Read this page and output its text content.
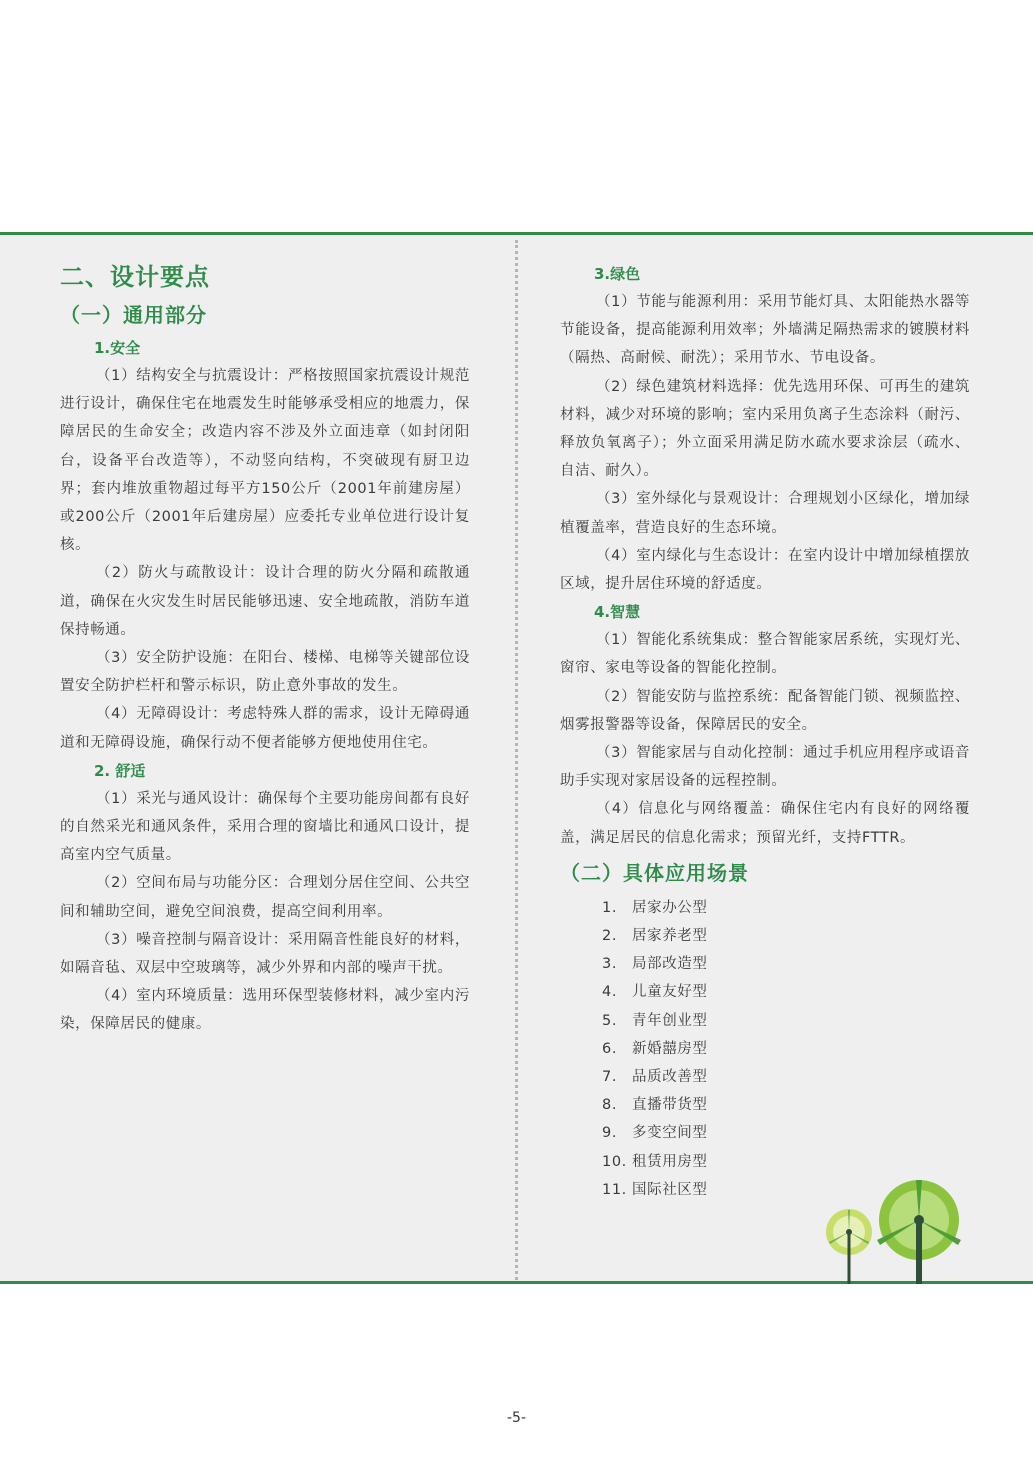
二、设计要点
（一）通用部分
1.安全

（1）结构安全与抗震设计：严格按照国家抗震设计规范进行设计，确保住宅在地震发生时能够承受相应的地震力，保障居民的生命安全；改造内容不涉及外立面违章（如封闭阳台，设备平台改造等），不动竖向结构，不突破现有厨卫边界；套内堆放重物超过每平方150公斤（2001年前建房屋）或200公斤（2001年后建房屋）应委托专业单位进行设计复核。

（2）防火与疏散设计：设计合理的防火分隔和疏散通道，确保在火灾发生时居民能够迅速、安全地疏散，消防车道保持畅通。

（3）安全防护设施：在阳台、楼梯、电梯等关键部位设置安全防护栏杆和警示标识，防止意外事故的发生。

（4）无障碍设计：考虑特殊人群的需求，设计无障碍通道和无障碍设施，确保行动不便者能够方便地使用住宅。

2. 舒适

（1）采光与通风设计：确保每个主要功能房间都有良好的自然采光和通风条件，采用合理的窗墙比和通风口设计，提高室内空气质量。

（2）空间布局与功能分区：合理划分居住空间、公共空间和辅助空间，避免空间浪费，提高空间利用率。

（3）噪音控制与隔音设计：采用隔音性能良好的材料，如隔音毡、双层中空玻璃等，减少外界和内部的噪声干扰。

（4）室内环境质量：选用环保型装修材料，减少室内污染，保障居民的健康。

3.绿色

（1）节能与能源利用：采用节能灯具、太阳能热水器等节能设备，提高能源利用效率；外墙满足隔热需求的镀膜材料（隔热、高耐候、耐洗）；采用节水、节电设备。

（2）绿色建筑材料选择：优先选用环保、可再生的建筑材料，减少对环境的影响；室内采用负离子生态涂料（耐污、释放负氧离子）；外立面采用满足防水疏水要求涂层（疏水、自洁、耐久）。

（3）室外绿化与景观设计：合理规划小区绿化，增加绿植覆盖率，营造良好的生态环境。

（4）室内绿化与生态设计：在室内设计中增加绿植摆放区域，提升居住环境的舒适度。

4.智慧

（1）智能化系统集成：整合智能家居系统，实现灯光、窗帘、家电等设备的智能化控制。

（2）智能安防与监控系统：配备智能门锁、视频监控、烟雾报警器等设备，保障居民的安全。

（3）智能家居与自动化控制：通过手机应用程序或语音助手实现对家居设备的远程控制。

（4）信息化与网络覆盖：确保住宅内有良好的网络覆盖，满足居民的信息化需求；预留光纤，支持FTTR。

（二）具体应用场景
1. 居家办公型
2. 居家养老型
3. 局部改造型
4. 儿童友好型
5. 青年创业型
6. 新婚囍房型
7. 品质改善型
8. 直播带货型
9. 多变空间型
10. 租赁用房型
11. 国际社区型
-5-
